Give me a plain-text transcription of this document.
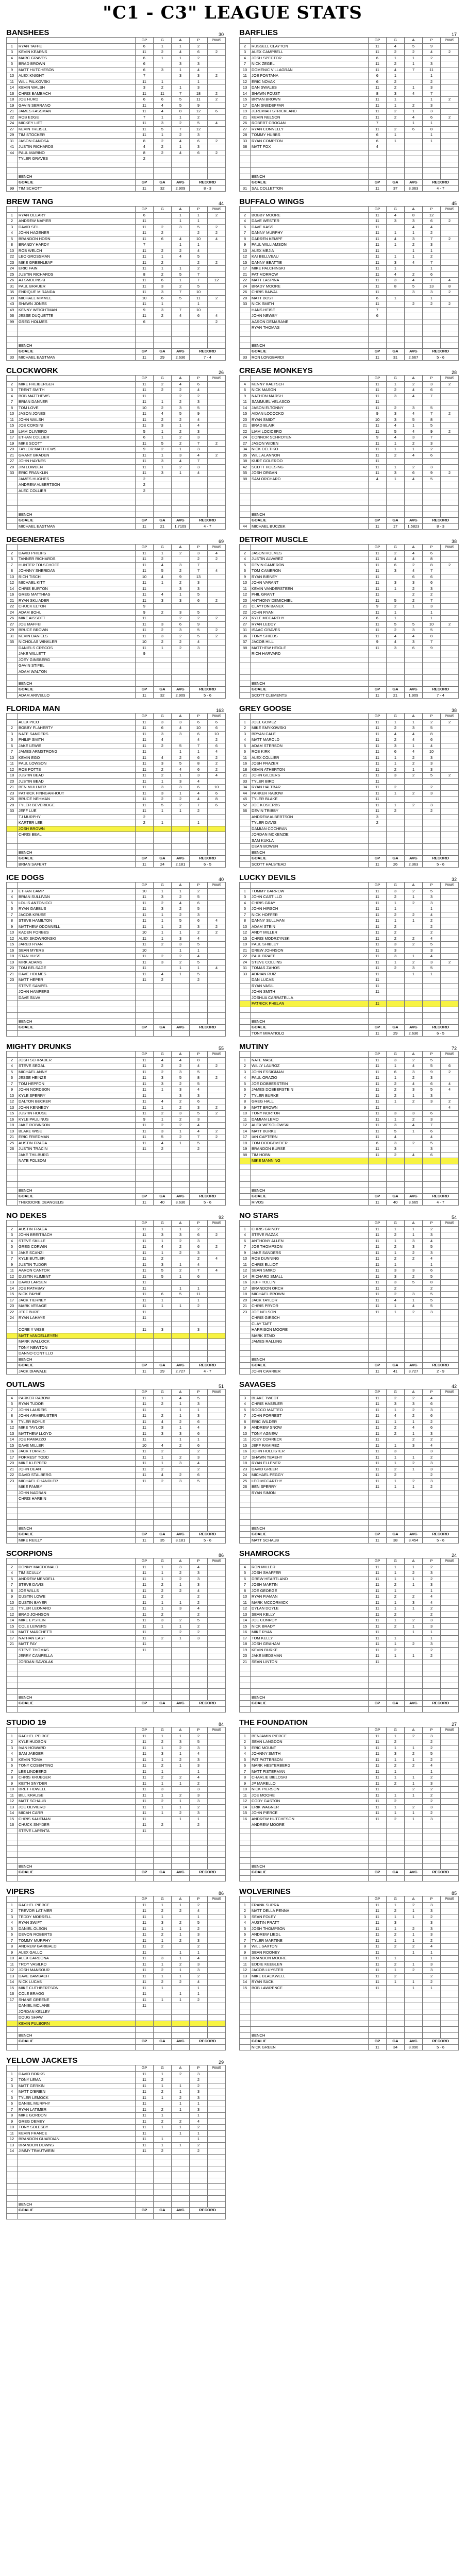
"C1 - C3" LEAGUE STATS
BANSHEES	30
		GP	G	A	P	PIMS
1	RYAN TAFFE	6	1	1	2	
3	KEVIN KEARNS	11	2	4	6	2
4	MARC GRAVES	6	1	1	2	
5	BRAD BROWN	6		3	3	
9	MATT HUTCHESON	6	3	1	4	
10	ALEX KNIGHT	7		3	3	2
11	WILL PALKOVSKI	11	1		1	
14	KEVIN WALSH	3	2	1	3	
16	CHRIS BAMBACH	11	11	7	18	2
18	JOE HURD	6	6	5	11	2
19	GAVIN SERRANO	11	4	5	9	
21	JAMES FASSMAN	11	4	8	12	6
22	ROB EDGE	7	1	1	2	
24	MICKEY LIFT	11	3	2	5	4
27	KEVIN TREISEL	11	5	7	12	
29	TIM STOCKER	11	1	2	3	
31	JASON CANOSA	8	2	4	6	2
41	JUSTIN RICHARDS	4	2	1	3	
44	PAUL MARINO	8	2	4	6	2
	TYLER GRAVES	2				

	BENCH					
	GOALIE	GP	GA	AVG	RECORD	
99	TIM SCHOTT	11	32	2.909	8 - 3	
BARFLIES	17
		GP	G	A	P	PIMS
2	RUSSELL CLAYTON	11	4	5	9	
3	ALEX CAMPBELL	11	2	2	4	2
4	JOSH SPECTOR	6	1	1	2	
7	NICK ZEGEL	11	2	1	3	
10	DOMENIC VILLAGRAN	11	4	7	11	
11	JOE FONTANA	6	1		1	
12	ERIC NOVAK	6	2		2	
13	DAN SWALES	11	2	1	3	
14	SHAWN FOUST	8	3	4	7	
15	BRYAN BROWN	11	1		1	2
17	DAN SNEDEFFAR	11	1	2	3	
19	JEREMIAH STRICKLAND	11	2	1	3	
21	KEVIN NELSON	11	2	4	6	2
26	ROBERT CROGAN	7		1	1	
27	RYAN CONNELLY	11	2	6	8	
28	TOMMY HUBBS	6	1		1	
33	RYAN COMPTON	6	1		1	
38	MATT FOX	4				

	BENCH					
	GOALIE	GP	GA	AVG	RECORD	
31	SAL COLLETTON	11	37	3.363	4 - 7	
BREW TANG	44
		GP	G	A	P	PIMS
1	RYAN OLEARY	6		1	1	2
2	ANDREW NAPIER	11		1	1	
3	DAVID SEIL	11	2	3	5	2
4	JOHN HAGENER	11	2		2	2
5	BRANDON HORN	11	6	4	10	4
8	BRANDY HARDY	7		1	1	
10	ROB WELCH	11	2	2	4	
22	LEO GROSSMAN	11	1	4	5	
23	MIKE GREENLEAF	11	2		2	2
24	ERIC FAIN	11	1	1	2	
25	JUSTIN RICHARDS	8	2	5	7	
26	AJ SMOLINSKI	11	6	1	7	12
31	PAUL BRAUER	11	3	2	5	
35	ENRIQUE MIRANDA	11	3	7	10	
39	MICHAEL KIMMEL	10	6	5	11	2
43	SHAWN JONES	11	1		1	
49	KENNY WEIGHTMAN	9	3	7	10	
56	JESSE DUQUETTE	11	2	4	6	4
99	GREG HOLMES	6				2

	BENCH					
	GOALIE	GP	GA	AVG	RECORD	
30	MICHAEL EASTMAN	11	29	2.636	7 - 4	
BUFFALO WINGS	45
		GP	G	A	P	PIMS
2	BOBBY MOORE	11	4	8	12	
4	DAVE WESTER	11	3	3	6	2
6	DAVE KASS	11		4	4	
7	DANNY MURPHY	11	1	1	2	
8	DARREN KEMPF	11	4	3	7	2
9	PAUL WILLIAMSON	11	1	2	3	
10	ALEX MEJIA	11		1	1	
12	KAI BELLVEAU	11	1	1	2	
15	DANNY BEATTIE	11	3	4	7	
17	MIKE PALCHINSKI	11	1		1	
21	PAT MORROW	11	4	2	6	
22	MATT LASPINA	11	3	4	7	4
24	BRADY MOORE	11	8	5	13	8
26	CHRIS BAIVAL	11		3	3	2
28	MATT BOST	6	1		1	
33	NICK SMITH	11		2	2	2
	HANS HEISE	7				
	JOHN NEWBY	6				
	AARON DEMARANE					
	RYAN THOMAS					

	BENCH					
	GOALIE	GP	GA	AVG	RECORD	
33	RON LONGBARDI	11	31	2.667	5 - 6	
CLOCKWORK	26
		GP	G	A	P	PIMS
2	MIKE FREIBERGER	11	2	4	6	
3	TRENT SMITH	11	2	2	4	
4	BOB MATTHEWS	11		2	2	
7	BRIAN DANNER	11	1	2	3	
8	TOM LOVE	10	2	3	5	
10	JASON JONES	11	4	5	9	
11	JOHN WALSH	11	2	2	4	
15	JOE CORSINI	11	3	1	4	
16	LIAM OLIVEIRO	5	1	2	3	
17	ETHAN COLLIER	6	1	2	3	
19	MIKE SCOTT	11	5	2	7	2
20	TAYLOR MATTHEWS	9	2	1	3	
21	GRANT BRADEN	11	1	3	4	2
27	JOHN HAYNES	11	3	4	7	
28	JIM LOWDEN	11	1	2	3	
33	ERIC FRANKLIN	11	3	1	4	
	JAMES HUGHES	2				
	ANDREW ALBERTSON	2				
	ALEC COLLIER	2				

	BENCH					
	GOALIE	GP	GA	AVG	RECORD	
	MICHAEL EASTMAN	11	21	1.7109	4 - 7	
CREASE MONKEYS	28
		GP	G	A	P	PIMS
4	KENNY KAETSCH	11	1	2	3	2
6	NICK MASON	11	2	4	6	
9	NATHON MARSH	11	3	4	7	
11	SAMMUEL VELASCO	11				
14	JASON ELTONNY	11	2	3	5	
15	AIDAN LOCOCKO	9	3	4	7	2
20	RYAN SMIDT	10	3	5	8	
21	BRAD BLAIR	11	4	1	5	
22	LIAM LOCICERO	11	5	4	9	2
24	CONNOR SCHROTEN	9	4	3	7	
27	JASON WIDEN	11	1	2	3	
34	NICK DELTIKO	11	1	1	2	
35	WILL ALANNON	11	2	4	6	
38	KURT GOLEROO	11				
42	SCOTT HOESING	11	1	2	3	
55	JOSH ORGAN	11	3	6	9	2
88	SAM ORCHARD	4	1	4	5	

	BENCH					
	GOALIE	GP	GA	AVG	RECORD	
44	MICHAEL BUCZEK	11	17	1.5823	8 - 3	
DEGENERATES	69
		GP	G	A	P	PIMS
2	DAVID PHILIPS	11	1	2	3	4
5	TANNER RICHARDS	11	2		2	2
7	HUNTER TOLSCHOFF	11	4	3	7	
8	JOHNNY SHERIDAN	11	5	2	7	4
10	RICH TISCH	10	4	9	13	
12	MICHAEL KITT	11	1	2	3	
14	CHRIS BURTON	11		3	3	
16	GREG MATTHIAS	11	4	1	5	
21	RYAN SKLIADER	11	3	3	6	2
22	CHUCK ELTON	9				
24	ADAM BOHL	9	2	3	5	
26	MIKE AISSOTT	11		2	2	2
27	JOE MAFFEI	11	3	6	9	
29	BRUCE BROWN	11	2	3	5	2
31	KEVIN DANIELS	11	3	2	5	2
35	NICHOLAS WINKLER	10	2	2	4	
	DANIELS CRECOS	11	1	2	3	
	JAKE WILLETT	9				
	JOEY GINSBERG					
	GAVIN STIFEL					
	ADAM WALTON					

	BENCH					
	GOALIE	GP	GA	AVG	RECORD	
	ADAM ARIVELLO	11	32	2.909	5 - 6	
DETROIT MUSCLE	38
		GP	G	A	P	PIMS
2	JASON HOLMES	11	2	4	6	
4	JUSTIN ALVAREZ	11	4	4	8	
5	DEVIN CAMERON	11	6	2	8	2
6	TOM CAMERON	11	3	4	7	
9	RYAN BIRNEY	11		6	6	
10	JOHN VARANT	11	3	3	6	
11	KEVIN VANDERSTEEN	11	1	2	3	
12	PHIL GRANT	11		2	2	
20	ANTHONY DEMICHIEL	11	5	2	7	
21	CLAYTON BANEX	9	2	1	3	
22	JOHN RYAN	11	1		1	
23	KYLE MCCARTHY	6	1		1	
27	RYAN LEDDY	11	5	5	10	2
31	ISAAC GRAVES	11	2	3	5	
36	TONY SHIEDS	11	4	4	8	
37	JACOB HILL	9	4	3	7	
88	MATTHEW HEIGLE	11	3	6	9	
	RICH HARVARD					

	BENCH					
	GOALIE	GP	GA	AVG	RECORD	
	SCOTT CLEMENTS	11	21	1.909	7 - 4	
FLORIDA MAN	163
		GP	G	A	P	PIMS
	ALEX PICO	11	3	3	6	6
2	BOBBY FLAHERTY	11	6	4	10	6
3	NATE SANDERS	11	3	3	6	10
5	PHILIP SMITH	11	4		4	2
6	JAKE LEWIS	11	2	5	7	6
7	JAMES ARMSTRONG	11		1	1	4
10	KEVIN EGO	11	4	2	6	2
11	PAUL LOWSON	11	3	5	8	2
12	ROB POTTS	11	2	4	6	2
18	JUSTIN BEAD	11	2	1	3	4
20	JUSTIN BEAD	11	1	3	4	
21	BEN MULLNER	11	3	3	6	10
23	PATRICK FINNGARHOUT	11	3	1	4	6
26	BRUCE NEHMAN	11	2	2	4	8
28	TYLER BEVERIDGE	11	5	2	7	6
33	JEFF LUE	11	1	1	2	
	TJ MURPHY	2				
	KARTER LEE	2	1		1	
	JOSH BROWN					
	CHRIS BEAL					

	BENCH					
	GOALIE	GP	GA	AVG	RECORD	
	BRIAN SAFERT	11	24	2.181	6 - 5	
GREY GOOSE	38
		GP	G	A	P	PIMS
1	JOEL GOMEZ	11	1	1	2	2
2	MIKE SMYKOWSKI	11	2	3	5	
3	BRYAN CALE	11	4	4	8	
4	MATT MAROLD	11	2	4	6	
5	ADAM STERSON	11	3	1	4	
6	ROB KIRK	11	6	4	10	
11	ALEX COLLIER	11	1	2	3	
16	JOSH FRAZER	11	1	2	3	
18	KEVIN ATHERTON	11	2	1	3	
21	JOHN GILDERS	11	3	2	5	2
33	TYLER BIRD	11				
34	RYAN HALTBAR	11	2		2	
44	PARKER RABOW	11	1	2	3	
45	TYLER BLAKE	11				
52	JOE KOSIERBS	11	1	2	3	
66	DEVIN TRIBBY	11	2		2	
	ANDREW ALBERTSON	3				
	TYLER DAVIS	2				
	DAMIAN COCHRAN					
	JORDAN MCKENZIE					
	SAM KUKLA					
	DEAN BOWEN					
	BENCH					
	GOALIE	GP	GA	AVG	RECORD	
	SCOTT HALSTEAD	11	26	2.363	5 - 6	
ICE DOGS	40
		GP	G	A	P	PIMS
3	ETHAN CAMP	10	1	1	2	
4	BRIAN SULLIVAN	11	3	2	5	
5	LOUIS ANTONICCI	11	2	4	6	
6	RYAN GABBUS	11	3	2	5	
7	JACOB KRUSE	11	1	2	3	
8	STEVE HAMILTON	11	1	5	6	4
9	MATTHEW ODONNELL	11	1	2	3	2
10	KADEN FORBES	10	1	1	2	2
12	ALEX SKOWRONSKI	11	1	3	4	
15	JARED RYAN	11	2	3	5	
16	SEAN MYERS	10		1	1	
18	STAN HUSS	11	2	2	4	
19	KIRK ADAMS	11	3	2	5	
20	TOM BELSAGE	11		1	1	4
21	DAVE HOLMES	11	4	1	5	
23	MATT HEPER	11	2		2	
	STEVE SAMPEL					
	JOHN HAMPERS					
	DAVE SILVA					

	BENCH					
	GOALIE	GP	GA	AVG	RECORD	

LUCKY DEVILS	32
		GP	G	A	P	PIMS
1	TOMMY BARROW	11	3	2	5	
3	JOHN CASTILLO	11	2	1	3	
4	CHRIS GRAY	11	1	2	3	
5	JOHN HIRSCH	11	1		1	
7	NICK HOFFER	11	2	2	4	
8	DANNY SULLIVAN	11	1	1	2	
10	ADAM STEIN	11	2		2	
12	ANDY MILLER	11	2		2	
15	CHRIS MODRZYNSKI	11	2	2	4	
19	PAUL SHIBLEY	11	3	2	5	
21	DREW JOHNSON	11	3		3	
22	PAUL BRAEE	11	3	1	4	
24	STEVE COLLINS	11	1	2	3	2
31	TOMAS ZAHOS	11	2	3	5	
33	ADRIAN RUIZ	11		1	1	
	DAN LUCAS	11				
	RYAN VASIL	11				
	JOHN SMITH	11				
	JOSHUA CARRATELLA					
	PATRICK PHELAN	11				

	BENCH					
	GOALIE	GP	GA	AVG	RECORD	
	TONY MIRATIOLO	11	29	2.636	6 - 5	
MIGHTY DRUNKS	55
		GP	G	A	P	PIMS
2	JOSH SCHRADER	11	4	4	8	
4	STEVE SEGAL	11	2	2	4	2
5	MICHAEL ANNY	11	2	3	5	
6	JESSE HEINZE	11	3	5	8	2
7	TOM HEPFON	11	3	2	5	
9	JOHN NORDSON	11	1	3	4	
10	KYLE SPERRY	11		3	3	
12	DALTON BECKER	11	4	2	6	
13	JOHN KENNEDY	11	1	2	3	2
15	JUSTIN HOUSE	11	2	3	5	2
16	KYLE PAULINUS	9	1	2	3	
18	JAKE ROBINSON	11	2	2	4	
19	BLAKE WISE	11	3	1	4	2
21	ERIC FRIEDMAN	11	5	2	7	2
25	AUSTIN FRAGA	11	4	1	5	
26	JUSTIN TRACIN	11	2		2	
	JAKE THILBURG					
	NATE FOLSOM					

	BENCH					
	GOALIE	GP	GA	AVG	RECORD	
	THEODORE DEANGELIS	11	40	3.636	5 - 6	
MUTINY	72
		GP	G	A	P	PIMS
1	NATE MASE	11	3	2	5	
2	WILLY LAUROZ	11	1	4	5	6
3	JOHN ESSIGMAN	11	6	3	9	2
4	PAUL ORAZIO	11	1	2	3	
5	JOE DOBBERSTEIN	11	2	4	6	4
6	JAMES DOBBERSTEIN	11	2	3	5	4
7	TYLER BURKE	11	2	1	3	
8	GREG HALL	11	1	2	3	2
9	MATT BROWN	11				4
10	TONY NORTON	11	3	3	6	
11	DAMIAN LEMO	11	1	2	3	
12	ALEX WESOLOWSKI	11	3	4	7	
14	MATT BURKE	11	5	1	6	
17	IAN CAPTERN	11	4		4	
18	TOM DODGEMEIER	6	3	2	5	
19	BRANDON BURSE	11	3		3	
88	TIM HOBN	11	2	4	6	
	MIKE MANNING					

	BENCH					
	GOALIE	GP	GA	AVG	RECORD	
	RIVOS	11	40	3.665	4 - 7	
NO DEKES	92
		GP	G	A	P	PIMS
2	AUSTIN FRAGA	11	1	1	2	
3	JOHN BREITBACH	11	3	3	6	2
4	STEVE SKILLE	11	1	2	3	
5	GREG CORWIN	11	4	2	6	2
6	JAKE SCANZI	11	1	2	3	
7	KYLE BUTLER	11	2		2	4
9	JUSTIN TUDOR	11	3	1	4	
11	AARON CANTOR	11	5	2	7	4
12	DUSTIN KLIMENT	11	5	1	6	
13	DAVID LARSEN	11				
14	JOE RATHBAY	11		1	1	
15	NICK PAYNE	11	6	5	11	
17	JACK TIERNEY	11	1		1	
20	MARK VESAGE	11	1	1	2	
22	JEFF BURE	11				
24	RYAN LAHAYE	11				

	CORE Y WISE	11	3		3	
	MATT VANDELLEYEN					
	MARK WALLOCK					
	TONY NEWTON					
	DANNO CONTILLO					
	BENCH					
	GOALIE	GP	GA	AVG	RECORD	
	JACK DIAWALE	11	29	2.727	4 - 7	
NO STARS	54
		GP	G	A	P	PIMS
1	CHRIS GRINDY	11	1	1	2	
4	STEVE RAZAK	11	2	1	3	
6	ANTHONY ALLEN	11	1	3	4	
7	JOE THOMPSON	11	2	3	5	
9	JAKE SANDERS	11	1	2	3	
10	ROB DUNNING	11	2	2	4	
11	CHRIS ELLIOT	11	1		1	
12	SEAN SMIKO	11	3	3	6	
14	RICHARD SMALL	11	3	2	5	
16	JEFF TOLLIN	11	3	5	8	
17	BRANDON ORCH	11	2		2	
18	MICHAEL BROWN	11	2	3	5	
20	JACK TAYLOR	11	4	1	5	
21	CHRIS PRYOR	11	1	4	5	
23	JOE NELSON	11	1	2	3	
	CHRIS GIRSCH					
	CLAY TAFT					
	HARRISON MOORE					
	MARK STAID					
	JAMES RALLING					

	BENCH					
	GOALIE	GP	GA	AVG	RECORD	
	JOHN CARRIER	11	41	3.727	2 - 9	
OUTLAWS	51
		GP	G	A	P	PIMS
4	PARKER RABOW	11	1	4	5	
5	RYAN TUDOR	11	2	1	3	
7	JOHN LAUREIS	11		1	1	
8	JOHN ARMBRUSTER	11	2	1	3	
9	TYLER BOYLE	11	4	2	6	
12	MIKE TAYLOR	11	3	1	4	
13	MATTHEW LLOYD	11	3	3	6	
14	JOE RAMAZZO	11		1	1	
15	DAVE MILLER	10	4	2	6	
16	JACK TORRES	11	2		2	
17	FORREST TODD	11	1	2	3	
20	MIKE KLEPFER	11	1	3	4	
21	JOHN DEAN	11	2		2	
22	DAVID STALBERG	11	4	2	6	
23	MICHAEL CHANDLER	11	2	3	5	
	MIKE FAMBY					
	JOHN NADBAN					
	CHRIS HARBIN					

	BENCH					
	GOALIE	GP	GA	AVG	RECORD	
	MIKE REILLY	11	35	3.181	5 - 6	
SAVAGES	42
		GP	G	A	P	PIMS
3	BLAKE TWEDT	11	2	2	4	
4	CHRIS HASELER	11	3	3	6	
5	ROCCO MATTEO	11	1	2	3	
7	JOHN FORREST	11	4	2	6	
8	ERIC WILDER	11	1	1	2	
9	ANDREW SNOW	11	2	4	6	
10	TONY AGNEW	11	2	1	3	
11	JOEY CORRECK	11		2	2	
15	JEFF RAMIREZ	11	1	3	4	
16	JOHN HOLLISTER	11	3		3	
17	SHAWN TEAEHY	11	1	1	2	
18	RYAN ELLENER	11	1	2	3	
23	DAVID GREER	11	2	1	3	
24	MICHAEL PEGGY	11	2		2	
25	LEO MCCARTHY	11	1	2	3	
26	BEN SPERRY	11	1	1	2	
	RYAN SIMON					

	BENCH					
	GOALIE	GP	GA	AVG	RECORD	
	MATT SCHAUB	11	38	3.454	5 - 6	
SCORPIONS	86
		GP	G	A	P	PIMS
2	DONNY MACDONALD	11	1	3	4	
4	TIM SCULLY	11	1	2	3	
5	ANDREW MENDELL	11	1	2	3	
7	STEVE DAVIS	11	2	1	3	
8	JOE WILLS	11	2	2	4	
9	DUSTIN LOWE	11	2		2	
10	DUSTIN BAYER	11	1	1	2	
11	TYLER LEONARD	11	1	3	4	
12	BRAD JOHNSON	11	2		2	
14	MIKE EPSTEIN	11	3	2	5	
15	COLE LEWERS	11	1	1	2	
16	MATT MARCHETTI	11		2	2	
17	NATHAN EAST	11	2	1	3	
21	MATT FAY	11				
	STEVE THOMAS	11				
	JERRY CAMPELLA					
	JORDAN SAVOLAK					

	BENCH					
	GOALIE	GP	GA	AVG	RECORD	

SHAMROCKS	24
		GP	G	A	P	PIMS
4	RON MILLER	11	1	1	2	
5	JOSH SHAFFER	11	1	2	3	
6	DREW HEARTLAND	11	1	1	2	
7	JOSH MARTIN	11	2	1	3	
8	JOE GEORGE	11	1		1	
10	RYAN FIAMAN	11	2	2	4	
11	MARK MCCORMICK	11	1	3	4	
12	DYLAN DOYLE	11	1	1	2	
13	SEAN KELLY	11	2		2	
14	JOE CONROY	11	1	2	3	
15	NICK BRADY	11	2	1	3	
16	MIKE RYAN	11		1	1	
17	TOM KELLY	11	1		1	
18	JOSH GRAHAM	11	1	2	3	
19	KEVIN BURKE	11	2		2	
20	JAKE MEDSMAN	11	1	1	2	
21	SEAN LINTON	11				

	BENCH					
	GOALIE	GP	GA	AVG	RECORD	

STUDIO 19	84
		GP	G	A	P	PIMS
1	RACHEL PEIRCE	11	1	1	2	
2	KYLE HUDSON	11	2	3	5	
3	IVAN HOWARD	11	1	2	3	
4	SAM JAEGER	11	3	1	4	
5	KEVIN TOMA	11	1	2	3	
6	TONY COSENTINO	11	2	1	3	
7	LEE LINDBERG	11	1		1	
8	CHRIS KRUEGER	11	2	2	4	
9	KEITH SNYDER	11	1	1	2	
10	BRET HOWELL	11	3		3	
11	BILL KRAUSE	11	1	2	3	
12	MATT SCHAUB	11	2	1	3	
13	JOE OLIVIERO	11	1	1	2	
14	MICAH CARR	11	1	2	3	
15	CHRIS KAUFMAN	11		1	1	
16	CHUCK SNYDER	11	2		2	
	STEVE LAPENTA	11				

	BENCH					
	GOALIE	GP	GA	AVG	RECORD	

THE FOUNDATION	27
		GP	G	A	P	PIMS
1	BENJAMIN PIERCE	11	1	2	3	
2	SEAN LANGDON	11	2		2	
3	ERIC MOUNT	11	1	1	2	
4	JOHNNY SMITH	11	3	2	5	
5	PAT PATTERSON	11	1	1	2	
6	MARK HESTERBERG	11	2	2	4	
7	MATT FISTERMAN	11	1		1	
8	CHARLIE BIELOSKI	11	1	1	2	
9	JP MARELLO	11	2	1	3	
10	NICK PIERSON	11		2	2	
11	JOE MOORE	11	1	1	2	
12	CODY GASTON	11	2		2	
14	ERIK WAGNER	11	1	2	3	
15	JOHN PIERCE	11	1	1	2	
16	ANDREW HUTCHESON	11	2	1	3	
	ANDREW MOORE					

	BENCH					
	GOALIE	GP	GA	AVG	RECORD	

VIPERS	86
		GP	G	A	P	PIMS
1	RACHEL PIERCE	11	1	1	2	
2	TREVOR LATIMER	11	2	2	4	
3	TEDDY MORRELL	11	1		1	
4	RYAN SWIFT	11	3	2	5	
5	DANIEL OLSON	11	1	1	2	
6	DEVON ROBERTS	11	2	1	3	
7	TOMMY MURPHY	11	1	2	3	
8	ANDREW GARIBALDI	11	2		2	
9	ALEX GALLO	11		1	1	
10	ALEX CARDONA	11	3	1	4	
11	TROY VASILKO	11	1	2	3	
12	JOSH MANSOUR	11	2	1	3	
13	DAVE BAMBACH	11	1	1	2	
14	NICK LUCAS	11	2	2	4	
15	MIKE CUTHBERTSON	11	1		1	
16	COLE BRAGG	11		1	1	
17	SHANE GREENE	11	1	1	2	
	DANIEL MCLANE	11				
	JORDAN KELLEY					
	DOUG SHAW					
	KEVIN FULBORN					

	BENCH					
	GOALIE	GP	GA	AVG	RECORD	

WOLVERINES	85
		GP	G	A	P	PIMS
1	FRANK SUPRA	11	1	2	3	
2	MATT DELLA PENNA	11	2	1	3	
3	SEAN FOLEY	11	1	1	2	
4	AUSTIN PRATT	11	3		3	
5	JOSH THOMPSON	11	1	2	3	
6	ANDREW LIEGL	11	2	1	3	
7	TYLER MARTINE	11	1	1	2	
8	WILL SAXTON	11	2	2	4	
9	SEAN ROONEY	11		1	1	
10	BRANDON MOORE	11	1		1	
11	EDDIE KEEBLEN	11	2	1	3	
12	JACOB LUYSTER	11	1	2	3	
13	MIKE BLACKWELL	11	2		2	
14	RYAN SACK	11	1	1	2	
15	BOB LAWRENCE	11		1	1	

	BENCH					
	GOALIE	GP	GA	AVG	RECORD	
	NICK GREEN	11	34	3.090	5 - 6	
YELLOW JACKETS	29
		GP	G	A	P	PIMS
1	DAVID BORKS	11	1	2	3	
2	TONY LEMA	11	2		2	
3	MATT GERKIN	11	1	1	2	
4	MATT O'BRIEN	11	2	1	3	
5	TYLER LEMOCK	11	1	2	3	
6	DANIEL MURPHY	11		1	1	
7	RYAN LATIMER	11	2	1	3	
8	MIKE GORDON	11	1		1	
9	GREG DEMEY	11	2	2	4	
10	TONY SOLESBY	11	1	1	2	
11	KEVIN FRANCE	11		1	1	
12	BRANDON GUARDIAN	11	1		1	
13	BRANDON DOWNS	11	1	1	2	
14	JIMMY TRAUTWEIN	11	2		2	

	BENCH					
	GOALIE	GP	GA	AVG	RECORD	
